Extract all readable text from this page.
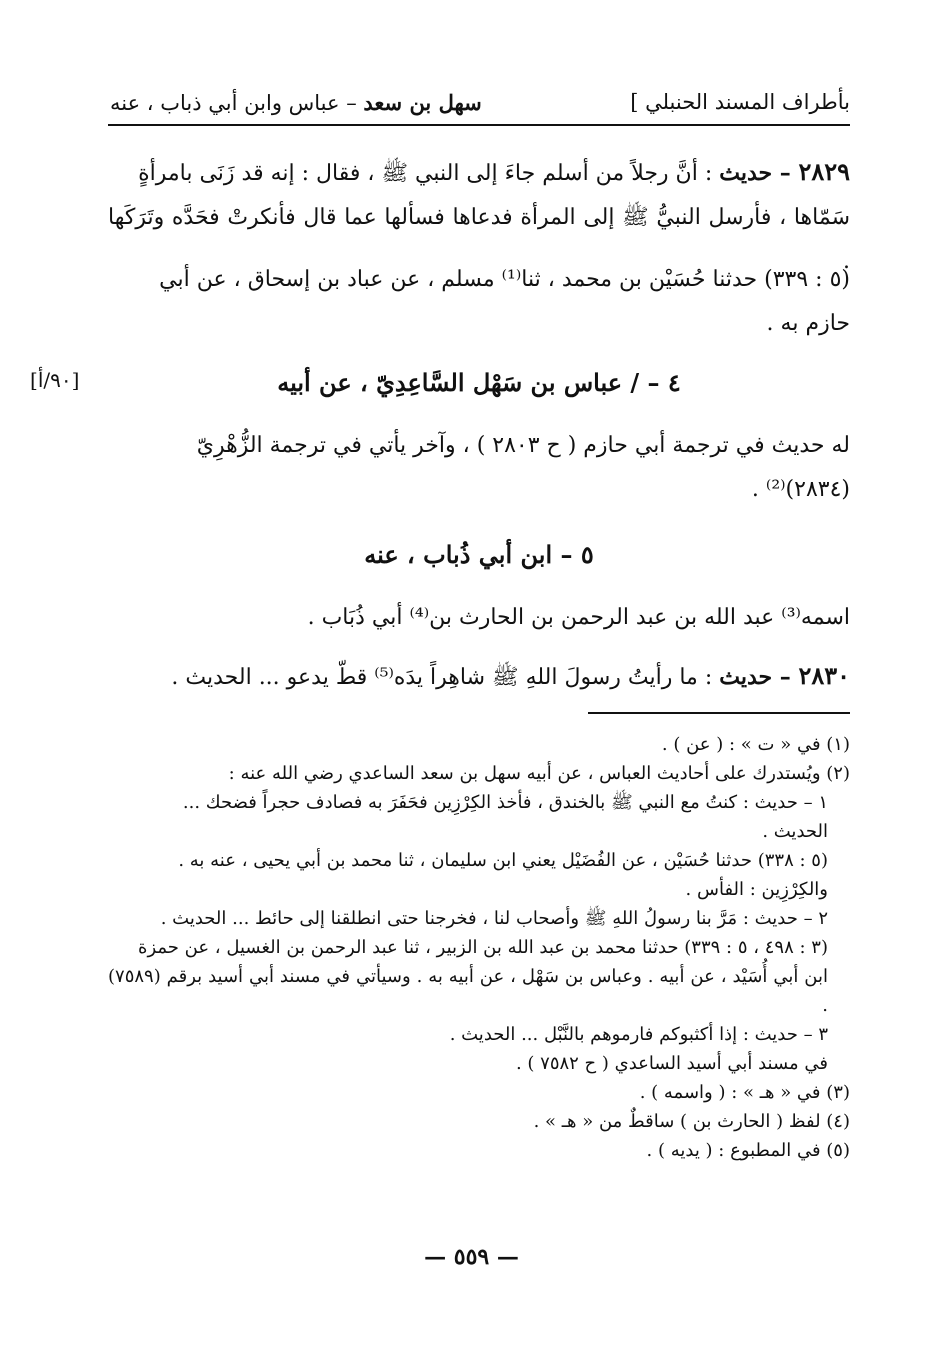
بأطراف المسند الحنبلي ]
سهل بن سعد – عباس وابن أبي ذباب ، عنه
٢٨٢٩ – حديث : أنَّ رجلاً من أسلم جاءَ إلى النبي ﷺ ، فقال : إنه قد زَنَى بامرأةٍ
سَمّاها ، فأرسل النبيُّ ﷺ إلى المرأة فدعاها فسألها عما قال فأنكرتْ فحَدَّه وتَرَكَها .
(٥ : ٣٣٩) حدثنا حُسَيْن بن محمد ، ثنا⁽¹⁾ مسلم ، عن عباد بن إسحاق ، عن أبي
حازم به .
٤ – / عباس بن سَهْل السَّاعِدِيّ ، عن أبيه
[٩٠/أ]
له حديث في ترجمة أبي حازم ( ح ٢٨٠٣ ) ، وآخر يأتي في ترجمة الزُّهْرِيّ
(٢٨٣٤)⁽²⁾ .
٥ – ابن أبي ذُباب ، عنه
اسمه⁽³⁾ عبد الله بن عبد الرحمن بن الحارث بن⁽⁴⁾ أبي ذُبَاب .
٢٨٣٠ – حديث : ما رأيتُ رسولَ اللهِ ﷺ شاهِراً يدَه⁽⁵⁾ قطّ يدعو ... الحديث .
(١) في « ت » : ( عن ) .
(٢) ويُستدرك على أحاديث العباس ، عن أبيه سهل بن سعد الساعدي رضي الله عنه :
١ – حديث : كنتُ مع النبي ﷺ بالخندق ، فأخذ الكِرْزِين فحَفَرَ به فصادف حجراً فضحك ...
الحديث .
(٥ : ٣٣٨) حدثنا حُسَيْن ، عن الفُضَيْل يعني ابن سليمان ، ثنا محمد بن أبي يحيى ، عنه به .
والكِرْزِين : الفأس .
٢ – حديث : مَرَّ بنا رسولُ اللهِ ﷺ وأصحاب لنا ، فخرجنا حتى انطلقنا إلى حائط ... الحديث .
(٣ : ٤٩٨ ، ٥ : ٣٣٩) حدثنا محمد بن عبد الله بن الزبير ، ثنا عبد الرحمن بن الغسيل ، عن حمزة
ابن أبي أُسَيْد ، عن أبيه . وعباس بن سَهْل ، عن أبيه به . وسيأتي في مسند أبي أسيد برقم (٧٥٨٩) .
٣ – حديث : إذا أكثبوكم فارموهم بالنَّبْل ... الحديث .
في مسند أبي أسيد الساعدي ( ح ٧٥٨٢ ) .
(٣) في « هـ » : ( واسمه ) .
(٤) لفظ ( الحارث بن ) ساقطٌ من « هـ » .
(٥) في المطبوع : ( يديه ) .
— ٥٥٩ —
